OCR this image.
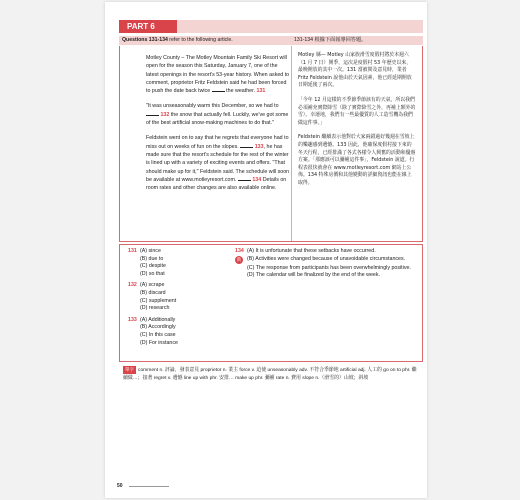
PART 6
Questions 131-134 refer to the following article.	131-134 根據下面報導回答題。

Motley County – The Motley Mountain Family Ski Resort will open for the season this Saturday, January 7, one of the latest openings in the resort's 53-year history. When asked to comment, proprietor Fritz Feldstein said he had been forced to push the date back twice	the weather. 131

"It was unseasonably warm this December, so we had to  132 the snow that actually fell. Luckily, we've got some of the best artificial snow-making machines to do that."

Feldstein went on to say that he regrets that everyone had to miss out on weeks of fun on the slopes.	133, he has made sure that the resort's schedule for the rest of the winter is lined up with a variety of exciting events and offers. "That should make up for it," Feldstein said. The schedule will soon be available at www.motleyresort.com.	134 Details on room rates and other changes are also available online.

Motley 縣— Motley 山家族滑雪度假村將於本週六（1 月 7 日）開季，這次是度假村 53 年歷史以來，最晚開放的其中一次。131 當被問及意見時，業者 Fritz Feldstein 說他由於天氣因素，他已經延期開放日期延後了兩次。

「今年 12 月這樣的不季節季節該有的天氣，所以我們必須補充實際降雪（除了實際降雪之外，再補上額外的雪）。幸運地，我們有一些最優質的人工造雪機為我們做這件事。」

Feldstein 繼續表示他對於大家兩錯過好幾週在雪坡上的樂趣感到遺憾。133 因此，他確保度假村接下來的冬天行程，已經排滿了各式各樣令人興奮的活動和優惠方案。「那應該可以彌補這件事」，Feldstein 說道。行程表很快就會在 www.motleyresort.com 網站上公佈。134 特殊房價和其他變動的詳細資訊也能在線上取得。

131 (A) since
(B) due to
(C) despite
(D) so that
132 (A) scrape
(B) discard
(C) supplement
(D) research
133 (A) Additionally
(B) Accordingly
(C) In this case
(D) For instance
134 (A) It is unfortunate that these setbacks have occurred.
新	(B) Activities were changed because of unavoidable circumstances.
(C) The response from participants has been overwhelmingly positive.
(D) The calendar will be finalized by the end of the week.
單字 comment n. 評論，發表意見 proprietor n. 業主 force v. 迫使 unseasonably adv. 不符合季節地 artificial adj. 人工的 go on to phr. 繼續做…；接著 regret v. 遺憾 line up with phr. 安排… make up phr. 彌補 rate n. 費用 slope n.（滑雪的）山坡；斜坡
50
